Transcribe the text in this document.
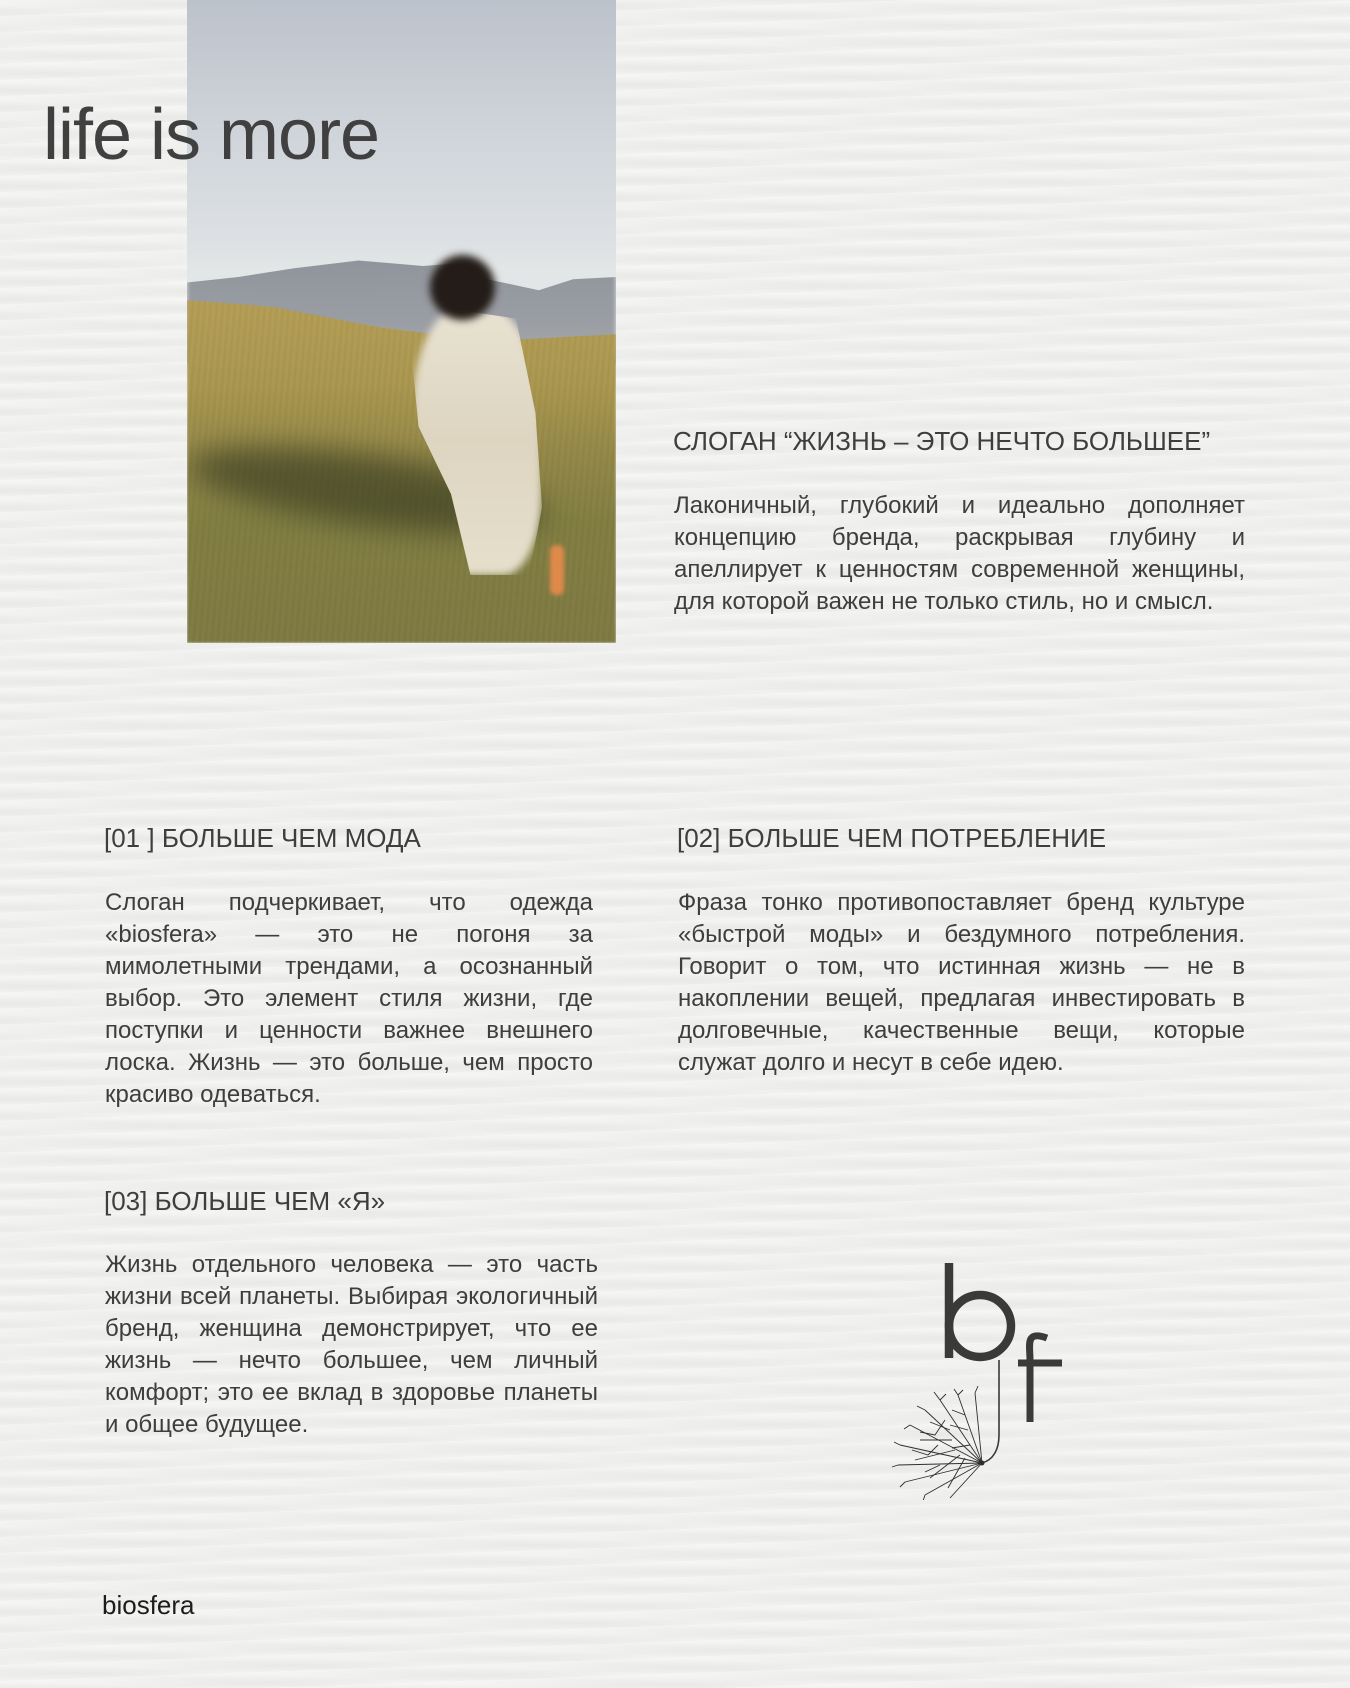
life is more
СЛОГАН “ЖИЗНЬ – ЭТО НЕЧТО БОЛЬШЕЕ”

Лаконичный, глубокий и идеально дополняет концепцию бренда, раскрывая глубину и апеллирует к ценностям современной женщины, для которой важен не только стиль, но и смысл.

[01 ] БОЛЬШЕ ЧЕМ МОДА

Слоган подчеркивает, что одежда «biosfera» — это не погоня за мимолетными трендами, а осознанный выбор. Это элемент стиля жизни, где поступки и ценности важнее внешнего лоска. Жизнь — это больше, чем просто красиво одеваться.

[02] БОЛЬШЕ ЧЕМ ПОТРЕБЛЕНИЕ

Фраза тонко противопоставляет бренд культуре «быстрой моды» и бездумного потребления. Говорит о том, что истинная жизнь — не в накоплении вещей, предлагая инвестировать в долговечные, качественные вещи, которые служат долго и несут в себе идею.

[03] БОЛЬШЕ ЧЕМ «Я»

Жизнь отдельного человека — это часть жизни всей планеты. Выбирая экологичный бренд, женщина демонстрирует, что ее жизнь — нечто большее, чем личный комфорт; это ее вклад в здоровье планеты и общее будущее.

biosfera
